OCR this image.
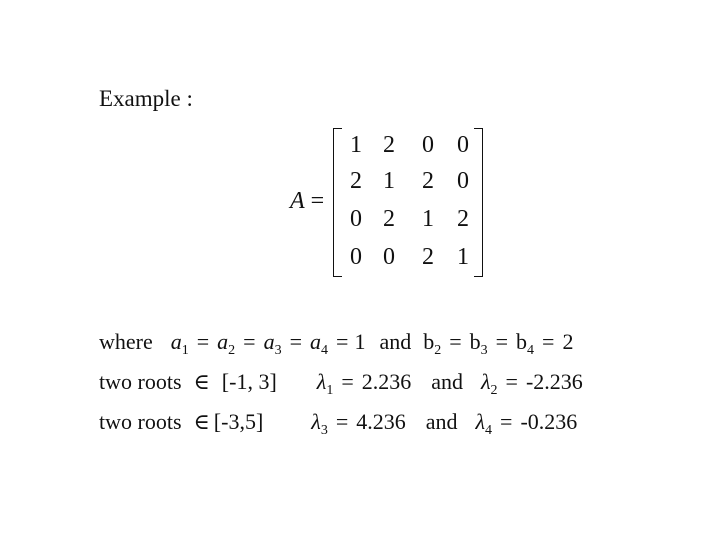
Example :
A =
1 2	0 0
2 1	2 0
0 2	1 2
0 0	2 1
where $a_1 = a_2 = a_3 = a_4 = 1$ and $b_2 = b_3 = b_4 = 2$
two roots ∈ [-1, 3] $\lambda_1 = 2.236$ and $\lambda_2 = -2.236$
two roots ∈ [-3,5] $\lambda_3 = 4.236$ and $\lambda_4 = -0.236$
